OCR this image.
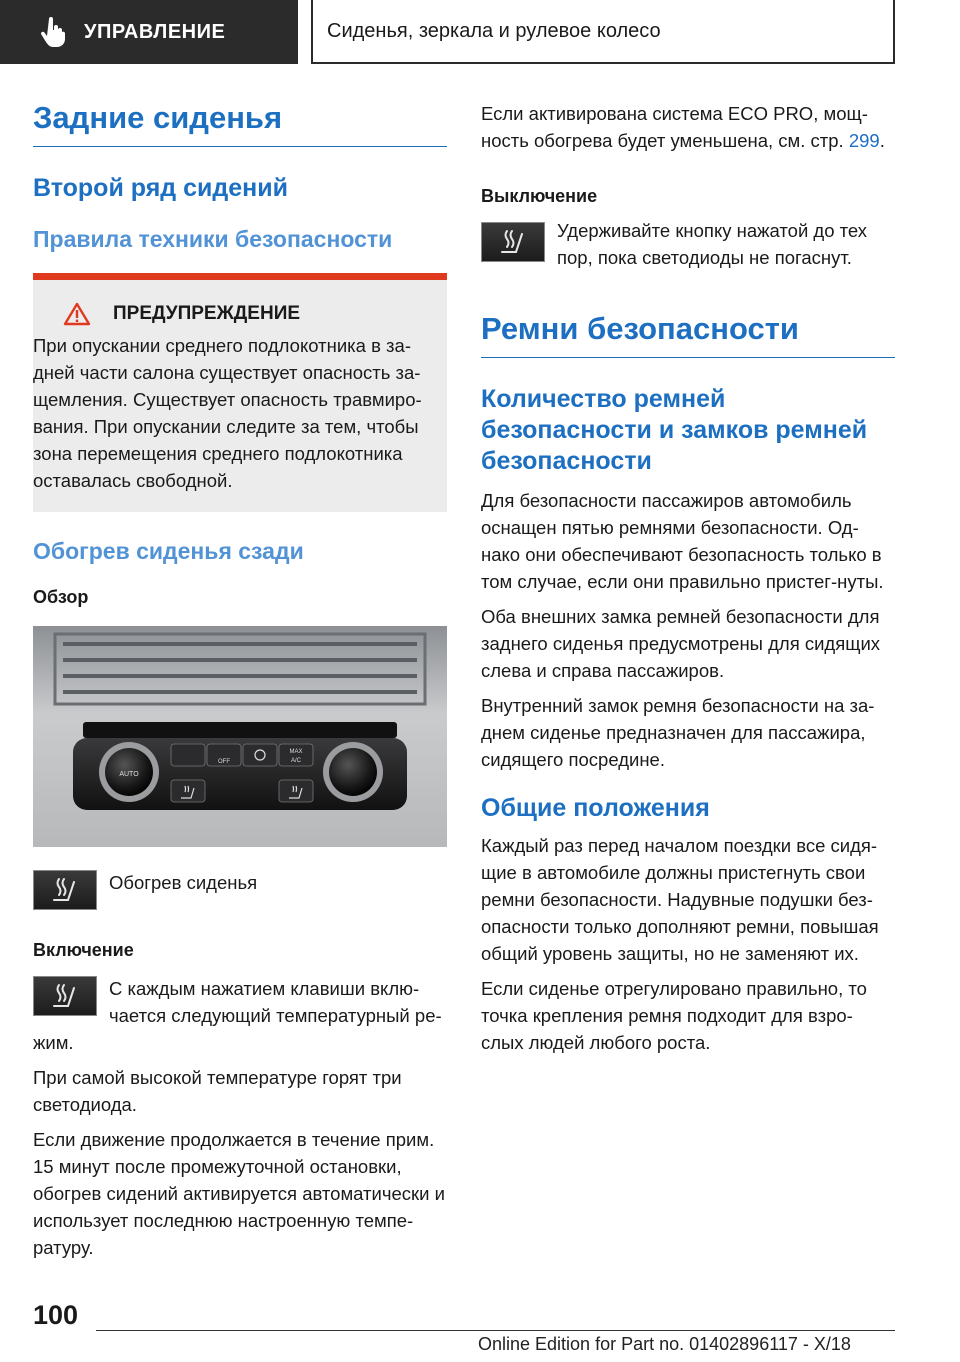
УПРАВЛЕНИЕ	Сиденья, зеркала и рулевое колесо
Задние сиденья
Второй ряд сидений
Правила техники безопасности
ПРЕДУПРЕЖДЕНИЕ

При опускании среднего подлокотника в за-дней части салона существует опасность за-щемления. Существует опасность травмиро-вания. При опускании следите за тем, чтобы зона перемещения среднего подлокотника оставалась свободной.

Обогрев сиденья сзади
Обзор
AUTO
OFF
MAX
A/C

Обогрев сиденья

Включение

С каждым нажатием клавиши вклю-чается следующий температурный ре-жим.

При самой высокой температуре горят три светодиода.

Если движение продолжается в течение прим. 15 минут после промежуточной остановки, обогрев сидений активируется автоматически и использует последнюю настроенную темпе-ратуру.

Если активирована система ECO PRO, мощ-ность обогрева будет уменьшена, см. стр. 299.

Выключение

Удерживайте кнопку нажатой до тех пор, пока светодиоды не погаснут.

Ремни безопасности
Количество ремней безопасности и замков ремней безопасности

Для безопасности пассажиров автомобиль оснащен пятью ремнями безопасности. Од-нако они обеспечивают безопасность только в том случае, если они правильно пристег-нуты.

Оба внешних замка ремней безопасности для заднего сиденья предусмотрены для сидящих слева и справа пассажиров.

Внутренний замок ремня безопасности на за-днем сиденье предназначен для пассажира, сидящего посредине.

Общие положения

Каждый раз перед началом поездки все сидя-щие в автомобиле должны пристегнуть свои ремни безопасности. Надувные подушки без-опасности только дополняют ремни, повышая общий уровень защиты, но не заменяют их.

Если сиденье отрегулировано правильно, то точка крепления ремня подходит для взро-слых людей любого роста.

100
Online Edition for Part no. 01402896117 - X/18
